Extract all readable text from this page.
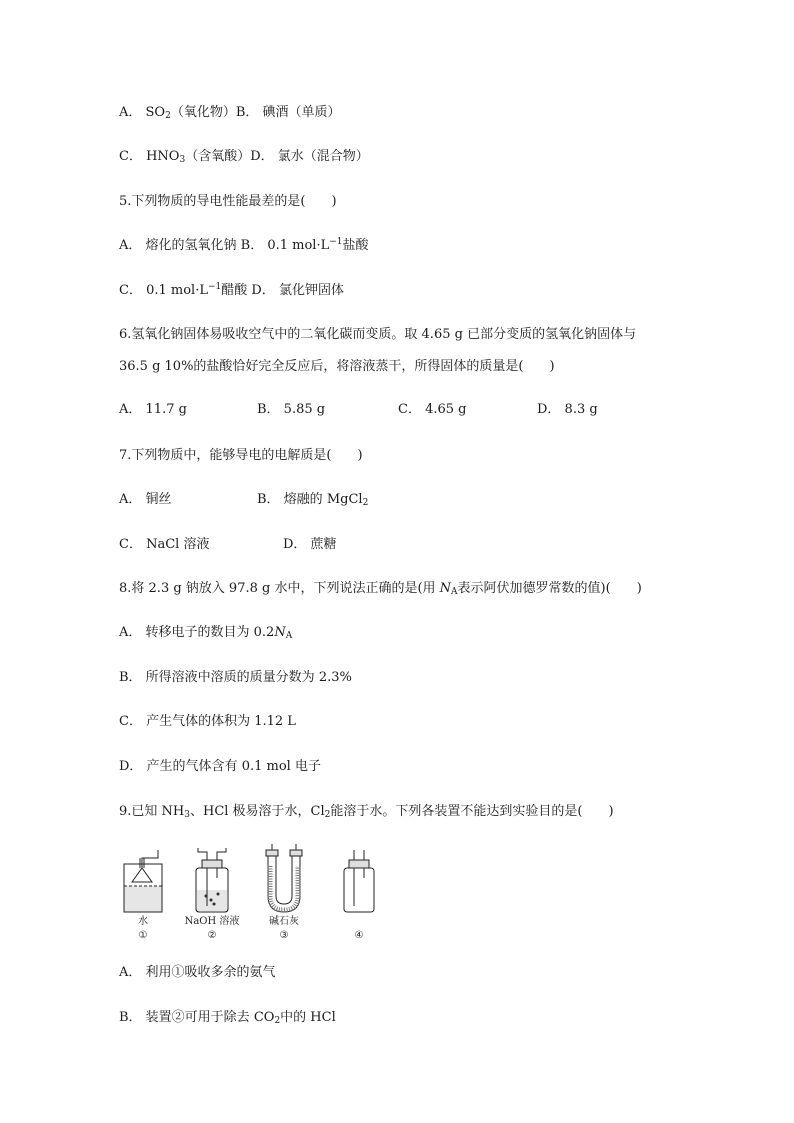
A． $SO_2$（氧化物）B． 碘酒（单质）
C． $HNO_3$（含氧酸）D． 氯水（混合物）
5.下列物质的导电性能最差的是(　　)
A． 熔化的氢氧化钠 B． 0.1 $mol\cdot L^{-1}$盐酸
C． 0.1 $mol\cdot L^{-1}$醋酸 D． 氯化钾固体
6.氢氧化钠固体易吸收空气中的二氧化碳而变质。取 4.65 g 已部分变质的氢氧化钠固体与
36.5 g 10%的盐酸恰好完全反应后，将溶液蒸干，所得固体的质量是(　　)
A． 11.7 g	B． 5.85 g	C． 4.65 g	D． 8.3 g
7.下列物质中，能够导电的电解质是(　　)
A． 铜丝	B． 熔融的 MgCl$_2$
C． NaCl 溶液	D． 蔗糖
8.将 2.3 g 钠放入 97.8 g 水中，下列说法正确的是(用 $N_A$表示阿伏加德罗常数的值)(　　)
A． 转移电子的数目为 $0.2N_A$
B． 所得溶液中溶质的质量分数为 2.3%
C． 产生气体的体积为 1.12 L
D． 产生的气体含有 0.1 mol 电子
9.已知 $NH_3$、HCl 极易溶于水，$Cl_2$能溶于水。下列各装置不能达到实验目的是(　　)
水	NaOH 溶液	碱石灰
①	②	③	④
A． 利用①吸收多余的氨气
B． 装置②可用于除去 $CO_2$中的 HCl
